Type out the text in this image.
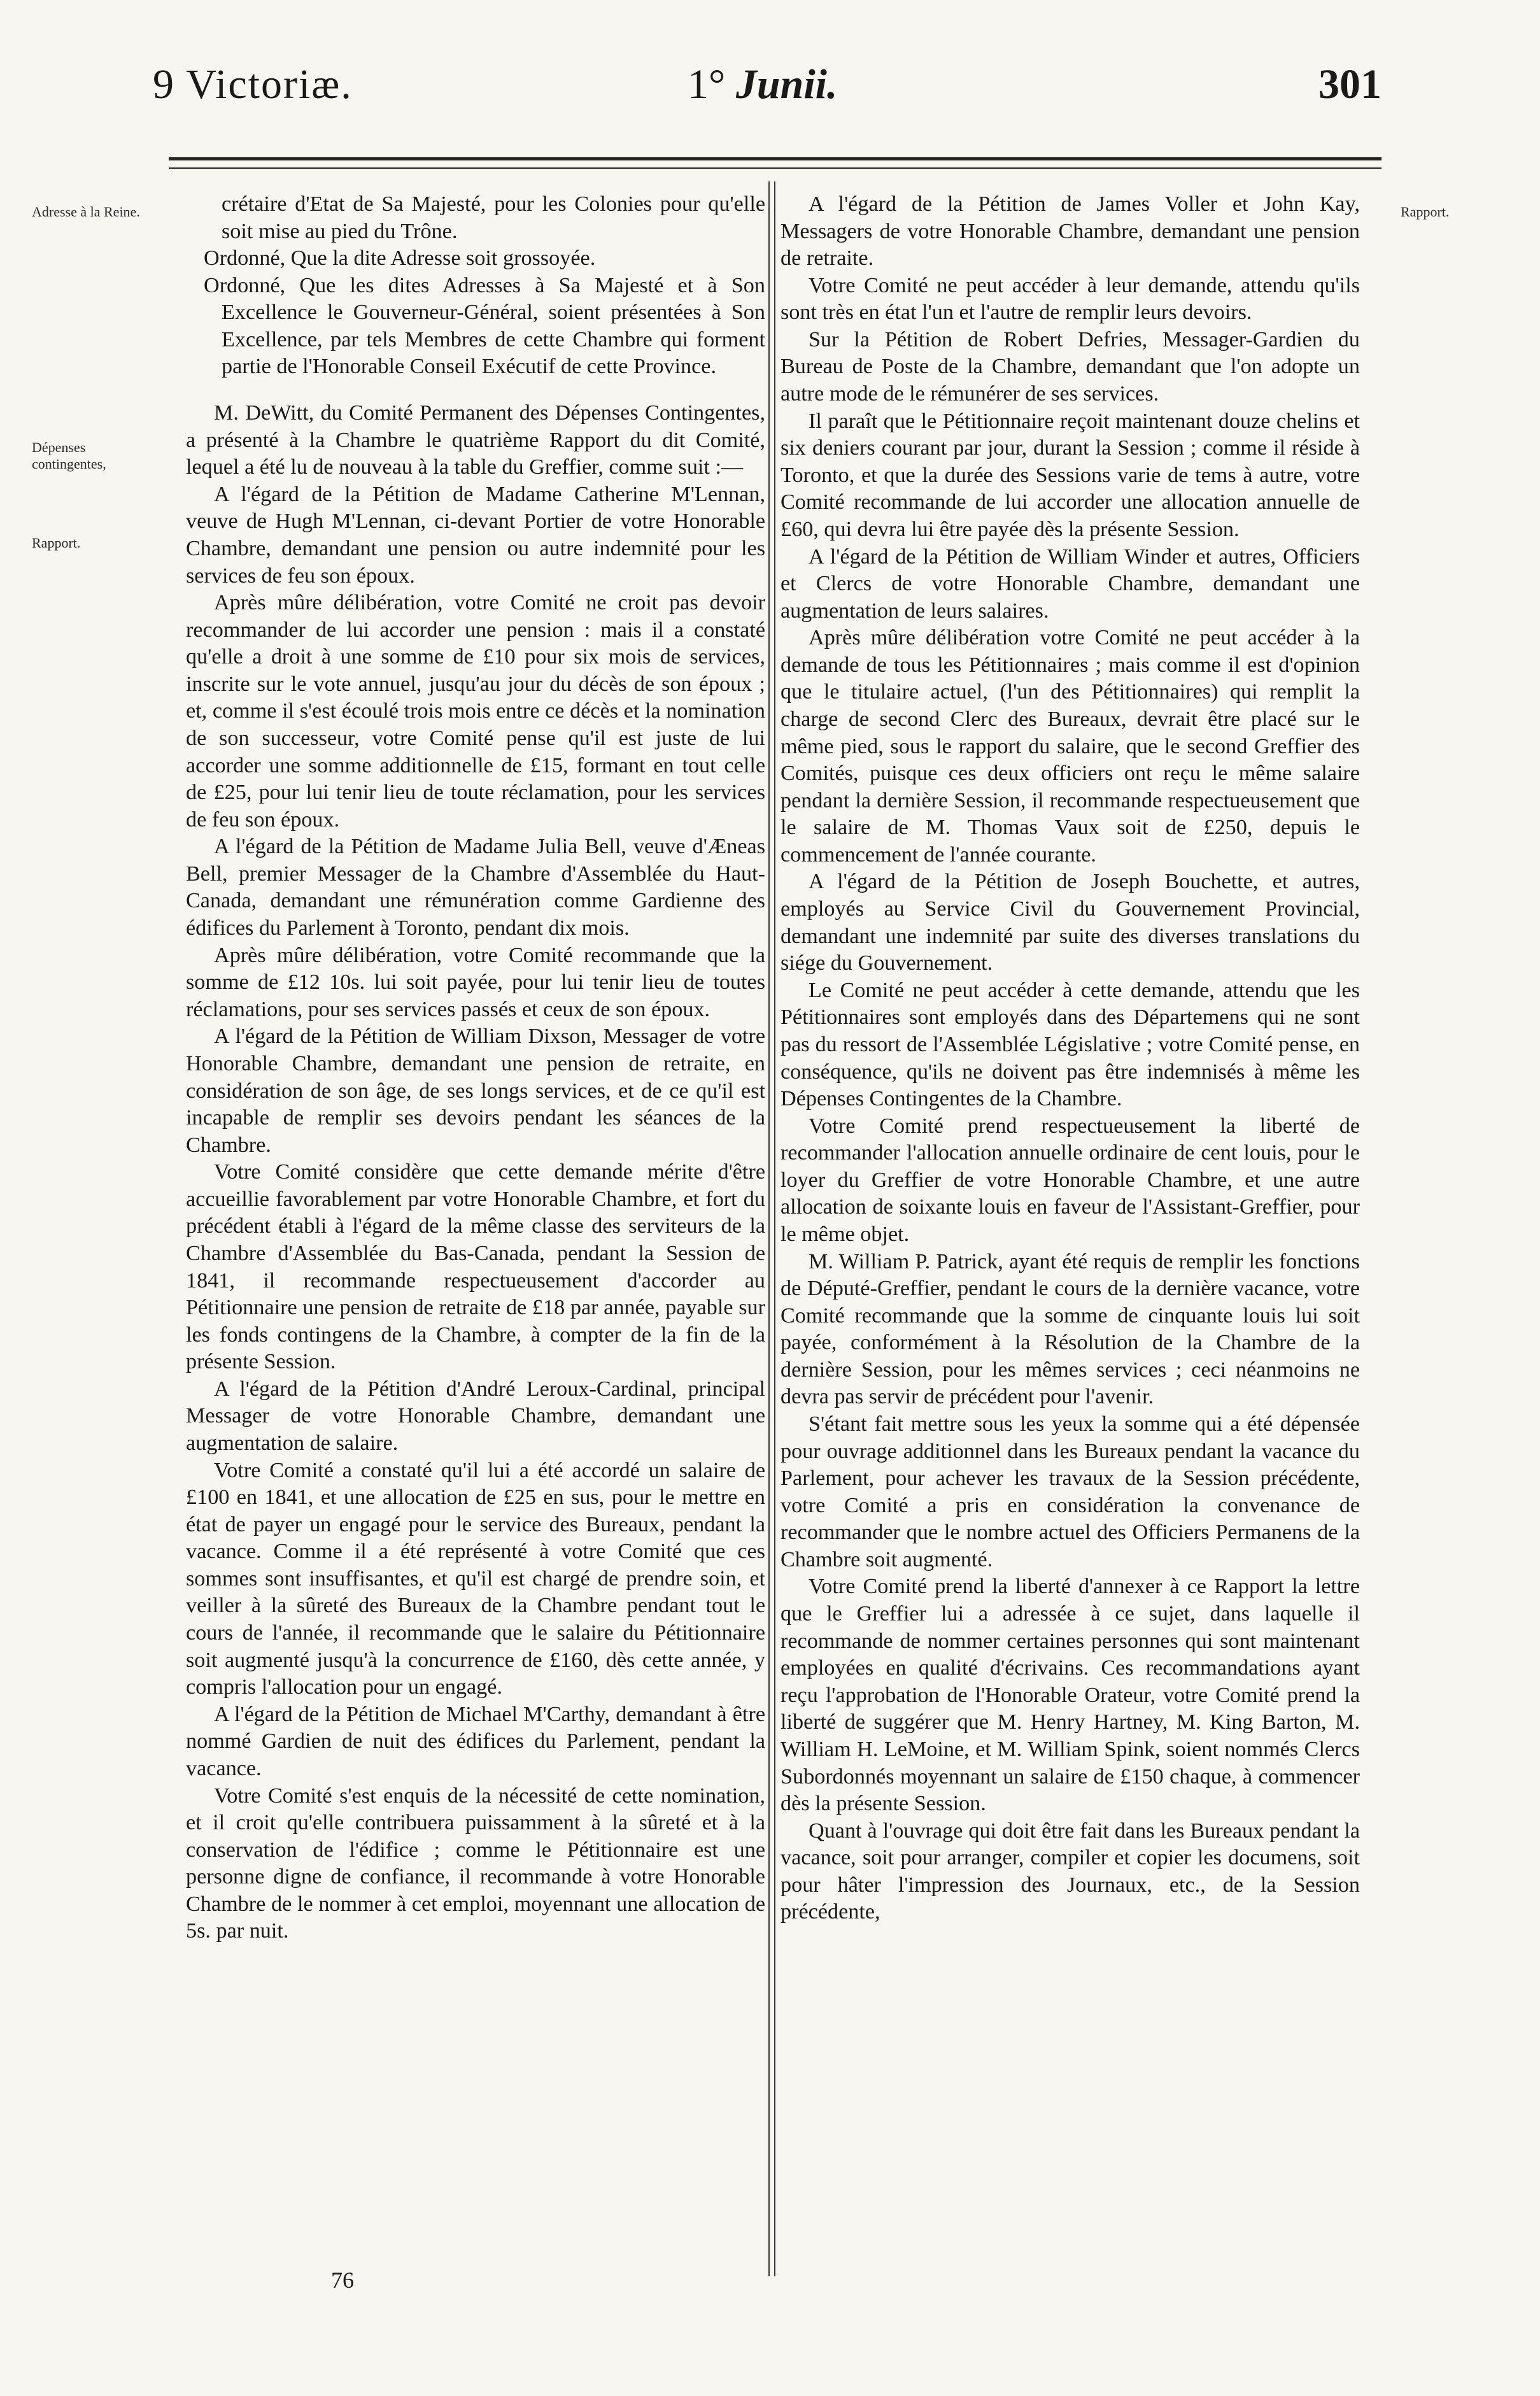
9 Victoriæ.	1° Junii.	301
Adresse à la Reine.
Dépenses contingentes,
Rapport.
Rapport.

crétaire d'Etat de Sa Majesté, pour les Colonies pour qu'elle soit mise au pied du Trône.

Ordonné, Que la dite Adresse soit grossoyée.

Ordonné, Que les dites Adresses à Sa Majesté et à Son Excellence le Gouverneur-Général, soient présentées à Son Excellence, par tels Membres de cette Chambre qui forment partie de l'Honorable Conseil Exécutif de cette Province.

M. DeWitt, du Comité Permanent des Dépenses Contingentes, a présenté à la Chambre le quatrième Rapport du dit Comité, lequel a été lu de nouveau à la table du Greffier, comme suit :—

A l'égard de la Pétition de Madame Catherine M'Lennan, veuve de Hugh M'Lennan, ci-devant Portier de votre Honorable Chambre, demandant une pension ou autre indemnité pour les services de feu son époux.

Après mûre délibération, votre Comité ne croit pas devoir recommander de lui accorder une pension : mais il a constaté qu'elle a droit à une somme de £10 pour six mois de services, inscrite sur le vote annuel, jusqu'au jour du décès de son époux ; et, comme il s'est écoulé trois mois entre ce décès et la nomination de son successeur, votre Comité pense qu'il est juste de lui accorder une somme additionnelle de £15, formant en tout celle de £25, pour lui tenir lieu de toute réclamation, pour les services de feu son époux.

A l'égard de la Pétition de Madame Julia Bell, veuve d'Æneas Bell, premier Messager de la Chambre d'Assemblée du Haut-Canada, demandant une rémunération comme Gardienne des édifices du Parlement à Toronto, pendant dix mois.

Après mûre délibération, votre Comité recommande que la somme de £12 10s. lui soit payée, pour lui tenir lieu de toutes réclamations, pour ses services passés et ceux de son époux.

A l'égard de la Pétition de William Dixson, Messager de votre Honorable Chambre, demandant une pension de retraite, en considération de son âge, de ses longs services, et de ce qu'il est incapable de remplir ses devoirs pendant les séances de la Chambre.

Votre Comité considère que cette demande mérite d'être accueillie favorablement par votre Honorable Chambre, et fort du précédent établi à l'égard de la même classe des serviteurs de la Chambre d'Assemblée du Bas-Canada, pendant la Session de 1841, il recommande respectueusement d'accorder au Pétitionnaire une pension de retraite de £18 par année, payable sur les fonds contingens de la Chambre, à compter de la fin de la présente Session.

A l'égard de la Pétition d'André Leroux-Cardinal, principal Messager de votre Honorable Chambre, demandant une augmentation de salaire.

Votre Comité a constaté qu'il lui a été accordé un salaire de £100 en 1841, et une allocation de £25 en sus, pour le mettre en état de payer un engagé pour le service des Bureaux, pendant la vacance. Comme il a été représenté à votre Comité que ces sommes sont insuffisantes, et qu'il est chargé de prendre soin, et veiller à la sûreté des Bureaux de la Chambre pendant tout le cours de l'année, il recommande que le salaire du Pétitionnaire soit augmenté jusqu'à la concurrence de £160, dès cette année, y compris l'allocation pour un engagé.

A l'égard de la Pétition de Michael M'Carthy, demandant à être nommé Gardien de nuit des édifices du Parlement, pendant la vacance.

Votre Comité s'est enquis de la nécessité de cette nomination, et il croit qu'elle contribuera puissamment à la sûreté et à la conservation de l'édifice ; comme le Pétitionnaire est une personne digne de confiance, il recommande à votre Honorable Chambre de le nommer à cet emploi, moyennant une allocation de 5s. par nuit.

A l'égard de la Pétition de James Voller et John Kay, Messagers de votre Honorable Chambre, demandant une pension de retraite.

Votre Comité ne peut accéder à leur demande, attendu qu'ils sont très en état l'un et l'autre de remplir leurs devoirs.

Sur la Pétition de Robert Defries, Messager-Gardien du Bureau de Poste de la Chambre, demandant que l'on adopte un autre mode de le rémunérer de ses services.

Il paraît que le Pétitionnaire reçoit maintenant douze chelins et six deniers courant par jour, durant la Session ; comme il réside à Toronto, et que la durée des Sessions varie de tems à autre, votre Comité recommande de lui accorder une allocation annuelle de £60, qui devra lui être payée dès la présente Session.

A l'égard de la Pétition de William Winder et autres, Officiers et Clercs de votre Honorable Chambre, demandant une augmentation de leurs salaires.

Après mûre délibération votre Comité ne peut accéder à la demande de tous les Pétitionnaires ; mais comme il est d'opinion que le titulaire actuel, (l'un des Pétitionnaires) qui remplit la charge de second Clerc des Bureaux, devrait être placé sur le même pied, sous le rapport du salaire, que le second Greffier des Comités, puisque ces deux officiers ont reçu le même salaire pendant la dernière Session, il recommande respectueusement que le salaire de M. Thomas Vaux soit de £250, depuis le commencement de l'année courante.

A l'égard de la Pétition de Joseph Bouchette, et autres, employés au Service Civil du Gouvernement Provincial, demandant une indemnité par suite des diverses translations du siége du Gouvernement.

Le Comité ne peut accéder à cette demande, attendu que les Pétitionnaires sont employés dans des Départemens qui ne sont pas du ressort de l'Assemblée Législative ; votre Comité pense, en conséquence, qu'ils ne doivent pas être indemnisés à même les Dépenses Contingentes de la Chambre.

Votre Comité prend respectueusement la liberté de recommander l'allocation annuelle ordinaire de cent louis, pour le loyer du Greffier de votre Honorable Chambre, et une autre allocation de soixante louis en faveur de l'Assistant-Greffier, pour le même objet.

M. William P. Patrick, ayant été requis de remplir les fonctions de Député-Greffier, pendant le cours de la dernière vacance, votre Comité recommande que la somme de cinquante louis lui soit payée, conformément à la Résolution de la Chambre de la dernière Session, pour les mêmes services ; ceci néanmoins ne devra pas servir de précédent pour l'avenir.

S'étant fait mettre sous les yeux la somme qui a été dépensée pour ouvrage additionnel dans les Bureaux pendant la vacance du Parlement, pour achever les travaux de la Session précédente, votre Comité a pris en considération la convenance de recommander que le nombre actuel des Officiers Permanens de la Chambre soit augmenté.

Votre Comité prend la liberté d'annexer à ce Rapport la lettre que le Greffier lui a adressée à ce sujet, dans laquelle il recommande de nommer certaines personnes qui sont maintenant employées en qualité d'écrivains. Ces recommandations ayant reçu l'approbation de l'Honorable Orateur, votre Comité prend la liberté de suggérer que M. Henry Hartney, M. King Barton, M. William H. LeMoine, et M. William Spink, soient nommés Clercs Subordonnés moyennant un salaire de £150 chaque, à commencer dès la présente Session.

Quant à l'ouvrage qui doit être fait dans les Bureaux pendant la vacance, soit pour arranger, compiler et copier les documens, soit pour hâter l'impression des Journaux, etc., de la Session précédente,

76
